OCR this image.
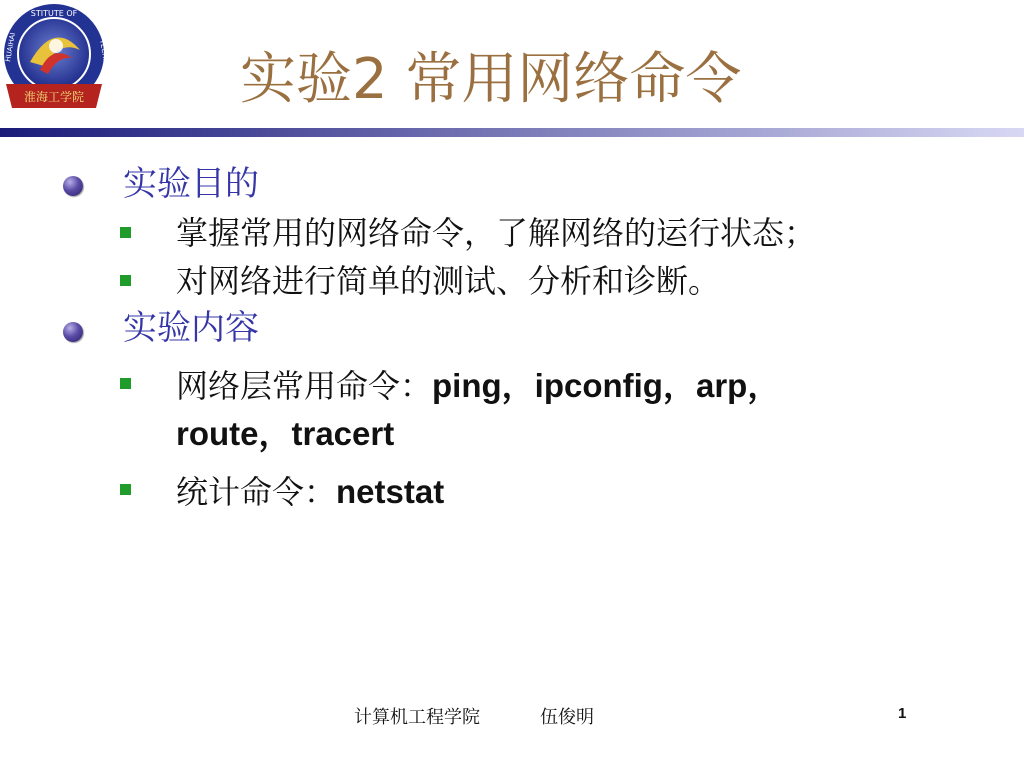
STITUTE OF
HUAIHAI	TECHNO
淮海工学院	实验2 常用网络命令
实验目的
掌握常用的网络命令，了解网络的运行状态；
对网络进行简单的测试、分析和诊断。
实验内容
网络层常用命令：ping，ipconfig，arp，
route，tracert
统计命令：netstat
计算机工程学院	伍俊明	1
